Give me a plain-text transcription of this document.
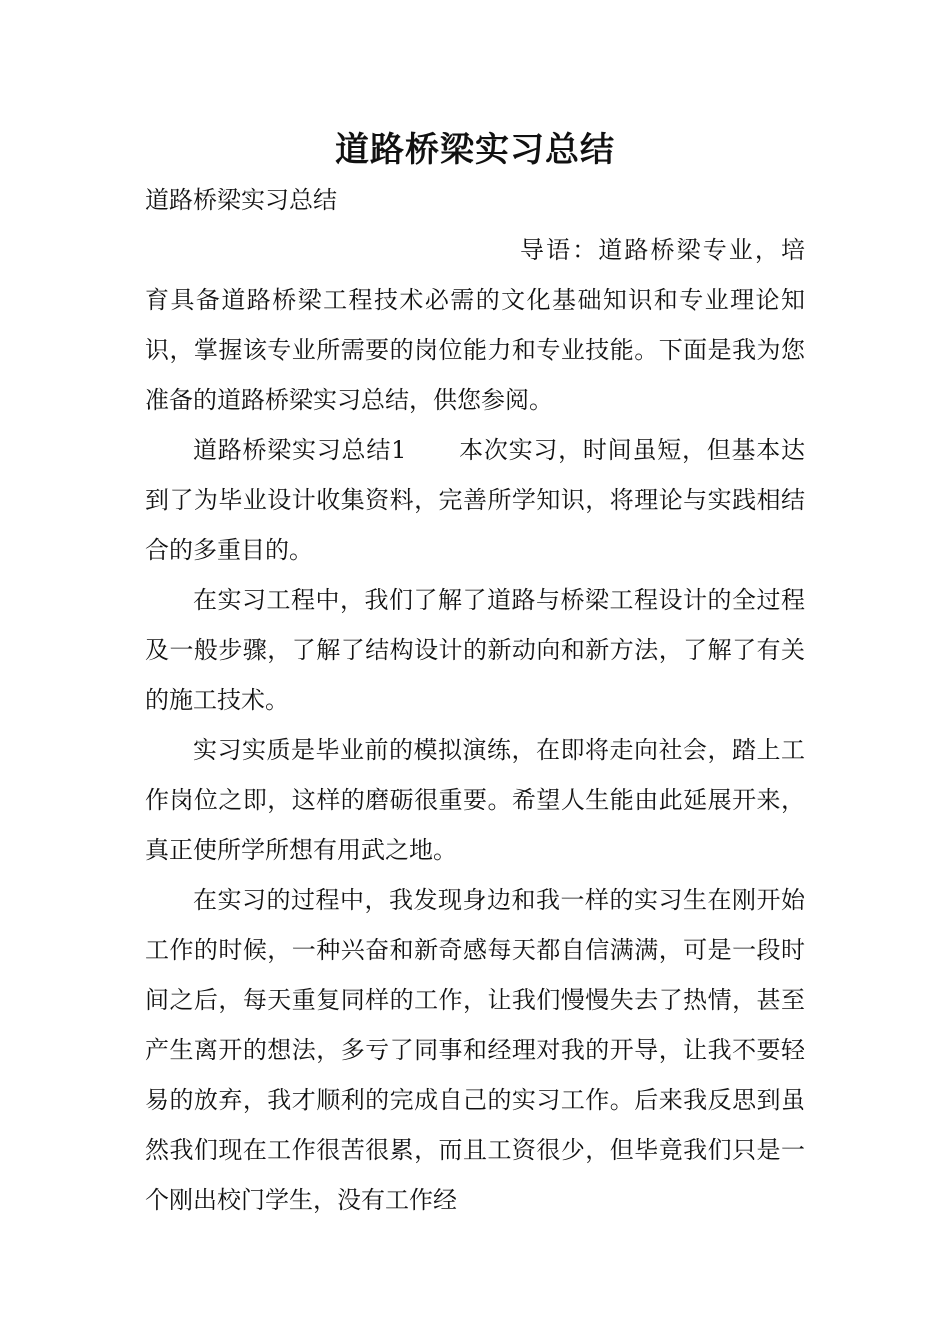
道路桥梁实习总结
道路桥梁实习总结

导语：道路桥梁专业，培育具备道路桥梁工程技术必需的文化基础知识和专业理论知识，掌握该专业所需要的岗位能力和专业技能。下面是我为您准备的道路桥梁实习总结，供您参阅。

道路桥梁实习总结1 本次实习，时间虽短，但基本达到了为毕业设计收集资料，完善所学知识，将理论与实践相结合的多重目的。

在实习工程中，我们了解了道路与桥梁工程设计的全过程及一般步骤，了解了结构设计的新动向和新方法，了解了有关的施工技术。

实习实质是毕业前的模拟演练，在即将走向社会，踏上工作岗位之即，这样的磨砺很重要。希望人生能由此延展开来，真正使所学所想有用武之地。

在实习的过程中，我发现身边和我一样的实习生在刚开始工作的时候，一种兴奋和新奇感每天都自信满满，可是一段时间之后，每天重复同样的工作，让我们慢慢失去了热情，甚至产生离开的想法，多亏了同事和经理对我的开导，让我不要轻易的放弃，我才顺利的完成自己的实习工作。后来我反思到虽然我们现在工作很苦很累，而且工资很少，但毕竟我们只是一个刚出校门学生，没有工作经
